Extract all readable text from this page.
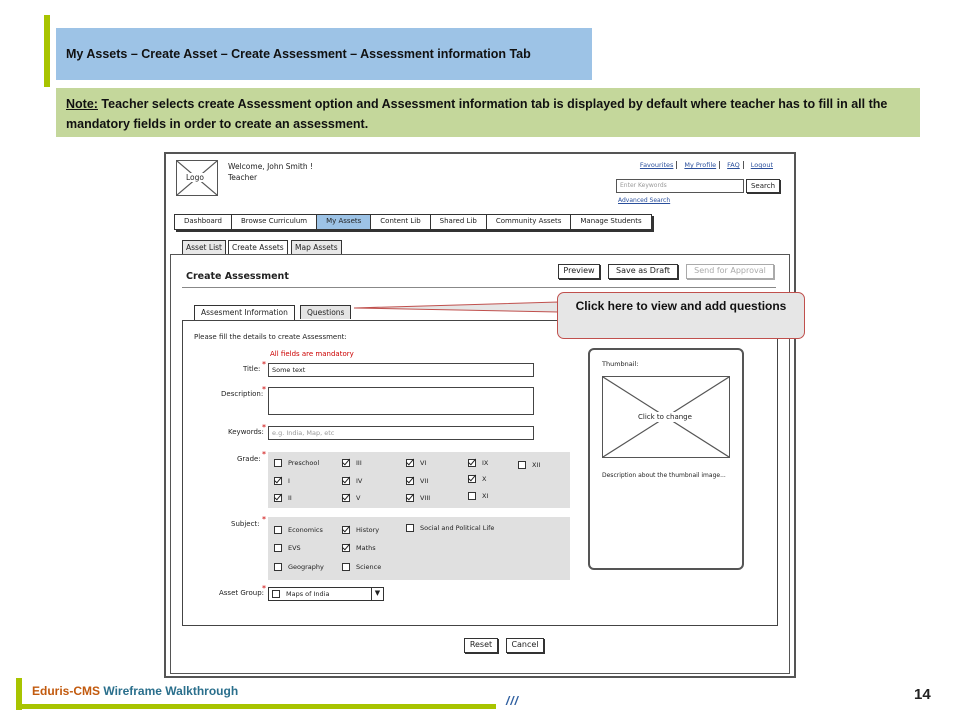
My Assets – Create Asset – Create Assessment – Assessment information Tab
Note: Teacher selects create Assessment option and Assessment information tab is displayed by default where teacher has to fill in all the mandatory fields in order to create an assessment.
Logo
Welcome, John Smith !
Teacher
Favourites	My Profile	FAQ	Logout
Enter Keywords	Search
Advanced Search
Dashboard	Browse Curriculum	My Assets	Content Lib	Shared Lib	Community Assets	Manage Students
Asset List	Create Assets	Map Assets
Create Assessment
Preview	Save as Draft	Send for Approval
Assesment Information	Questions
Please fill the details to create Assessment:
All fields are mandatory
Title: *
Some text
Description:
*
Keywords:
*
e.g. India, Map, etc
Grade: *
Preschool	III	VI	IX	XII
I	IV	VII	X
II	V	VIII	XI
Subject: *
Economics	History	Social and Political Life
EVS	Maths
Geography	Science
Asset Group:
*
Maps of India	▼
Thumbnail:
Click to change
Description about the thumbnail image...
Reset	Cancel
Click here to view and add questions
Eduris-CMS Wireframe Walkthrough
///	14
